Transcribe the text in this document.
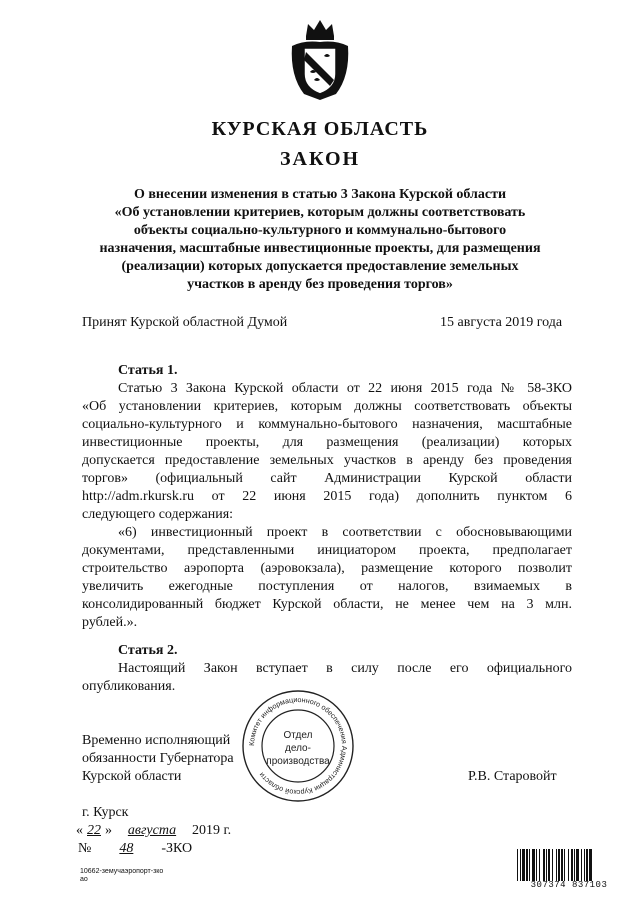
КУРСКАЯ ОБЛАСТЬ
ЗАКОН
О внесении изменения в статью 3 Закона Курской области
«Об установлении критериев, которым должны соответствовать
объекты социально-культурного и коммунально-бытового
назначения, масштабные инвестиционные проекты, для размещения
(реализации) которых допускается предоставление земельных
участков в аренду без проведения торгов»
Принят Курской областной Думой	15 августа 2019 года
Статья 1.
Статью 3 Закона Курской области от 22 июня 2015 года № 58-ЗКО
«Об установлении критериев, которым должны соответствовать объекты
социально-культурного и коммунально-бытового назначения, масштабные
инвестиционные проекты, для размещения (реализации) которых
допускается предоставление земельных участков в аренду без проведения
торгов» (официальный сайт Администрации Курской области
http://adm.rkursk.ru от 22 июня 2015 года) дополнить пунктом 6
следующего содержания:
«6) инвестиционный проект в соответствии с обосновывающими
документами, представленными инициатором проекта, предполагает
строительство аэропорта (аэровокзала), размещение которого позволит
увеличить ежегодные поступления от налогов, взимаемых в
консолидированный бюджет Курской области, не менее чем на 3 млн.
рублей.».
Статья 2.
Настоящий Закон вступает в силу после его официального
опубликования.
Временно исполняющий
обязанности Губернатора
Курской области	Р.В. Старовойт
Комитет информационного обеспечения Администрации Курской области
Отдел
дело-
производства
г. Курск
« 22 » августа 2019 г.
№ 48 -ЗКО
10662-земучаэропорт-зко
ао
307374 837103
